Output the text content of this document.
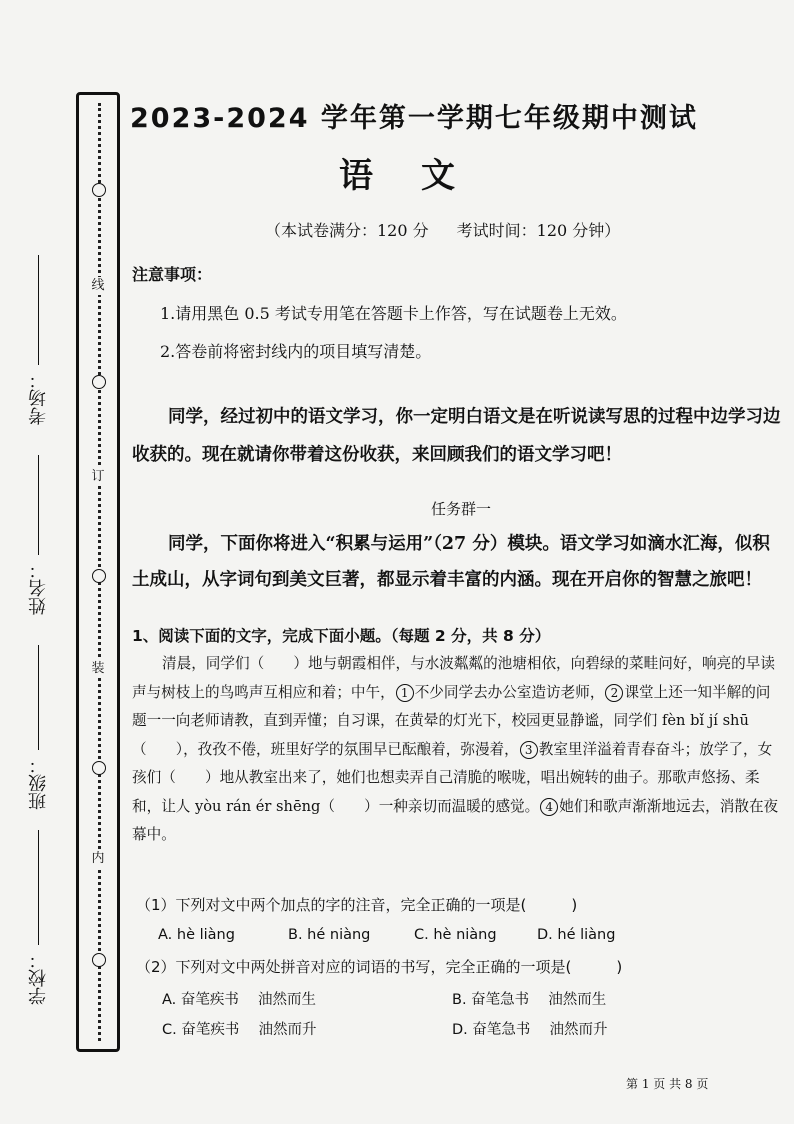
线
订
装
内
考场：
姓名：
班级：
学校：
2023-2024 学年第一学期七年级期中测试
语文
（本试卷满分：120 分 考试时间：120 分钟）
注意事项：
1.请用黑色 0.5 考试专用笔在答题卡上作答，写在试题卷上无效。
2.答卷前将密封线内的项目填写清楚。
同学，经过初中的语文学习，你一定明白语文是在听说读写思的过程中边学习边收获的。现在就请你带着这份收获，来回顾我们的语文学习吧！
任务群一
同学，下面你将进入“积累与运用”（27 分）模块。语文学习如滴水汇海，似积土成山，从字词句到美文巨著，都显示着丰富的内涵。现在开启你的智慧之旅吧！
1、阅读下面的文字，完成下面小题。（每题 2 分，共 8 分）
清晨，同学们（　　）地与朝霞相伴，与水波粼粼的池塘相依，向碧绿的菜畦问好，响亮的早读声与树枝上的鸟鸣声互相应和着；中午， 1 不少同学去办公室造访老师， 2 课堂上还一知半解的问题一一向老师请教，直到弄懂；自习课，在黄晕的灯光下，校园更显静谧，同学们 fèn bǐ jí shū（　　），孜孜不倦，班里好学的氛围早已酝酿着，弥漫着， 3 教室里洋溢着青春奋斗；放学了，女孩们（　　）地从教室出来了，她们也想卖弄自己清脆的喉咙，唱出婉转的曲子。那歌声悠扬、柔和，让人 yòu rán ér shēng（　　）一种亲切而温暖的感觉。 4 她们和歌声渐渐地远去，消散在夜幕中。
（1）下列对文中两个加点的字的注音，完全正确的一项是(　　　)
A. hè liàng	B. hé niàng	C. hè niàng	D. hé liàng
（2）下列对文中两处拼音对应的词语的书写，完全正确的一项是(　　　)
A. 奋笔疾书　 油然而生	B. 奋笔急书　 油然而生
C. 奋笔疾书　 油然而升	D. 奋笔急书　 油然而升
第 1 页 共 8 页
